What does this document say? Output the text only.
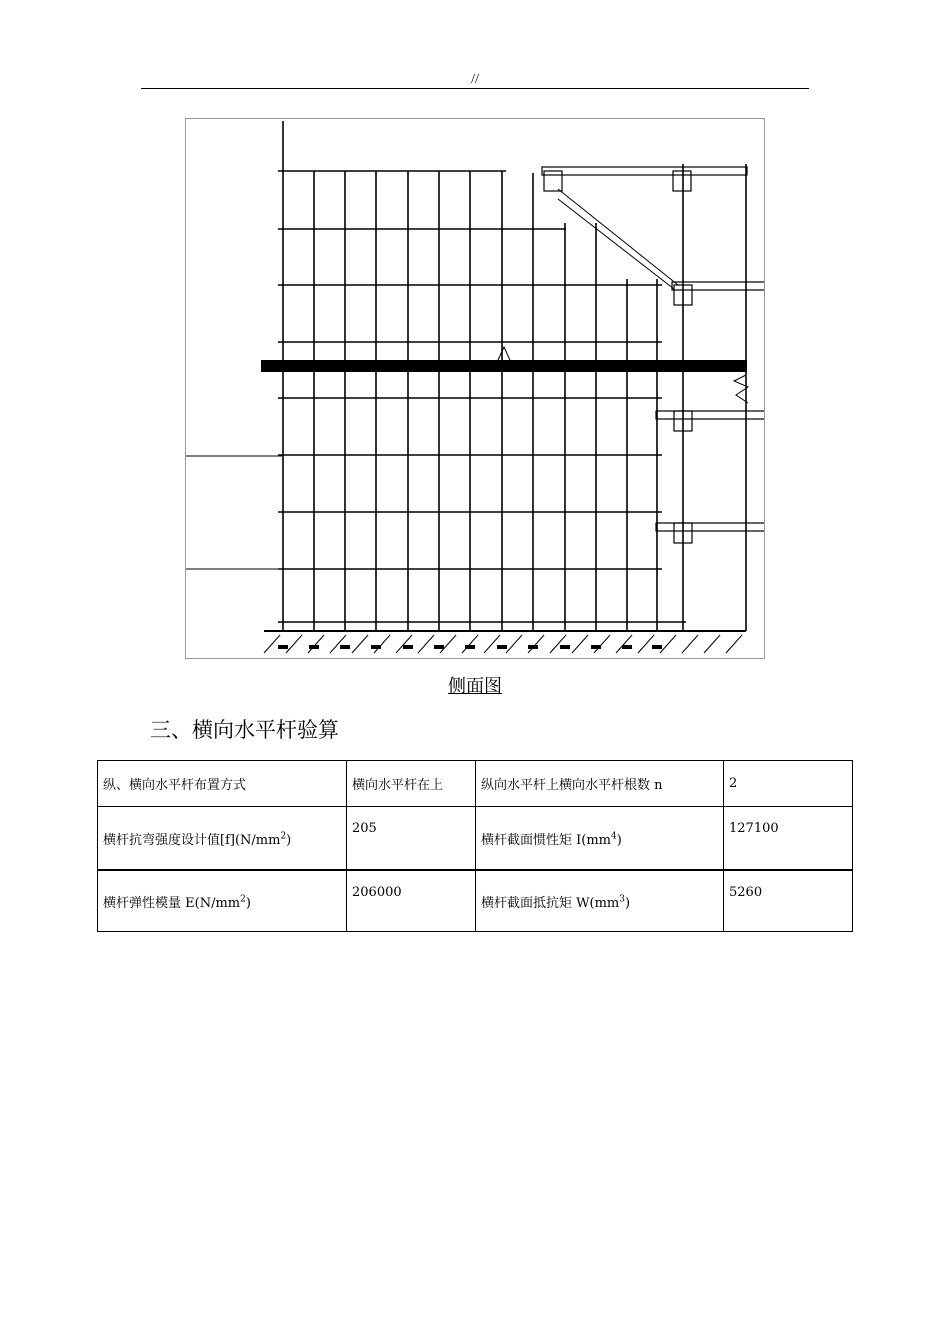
//
侧面图
三、横向水平杆验算
纵、横向水平杆布置方式	横向水平杆在上	纵向水平杆上横向水平杆根数 n	2
横杆抗弯强度设计值$[f](N/mm^2)$	205	横杆截面惯性矩 $I(mm^4)$	127100
横杆弹性模量 $E(N/mm^2)$	206000	横杆截面抵抗矩 $W(mm^3)$	5260
